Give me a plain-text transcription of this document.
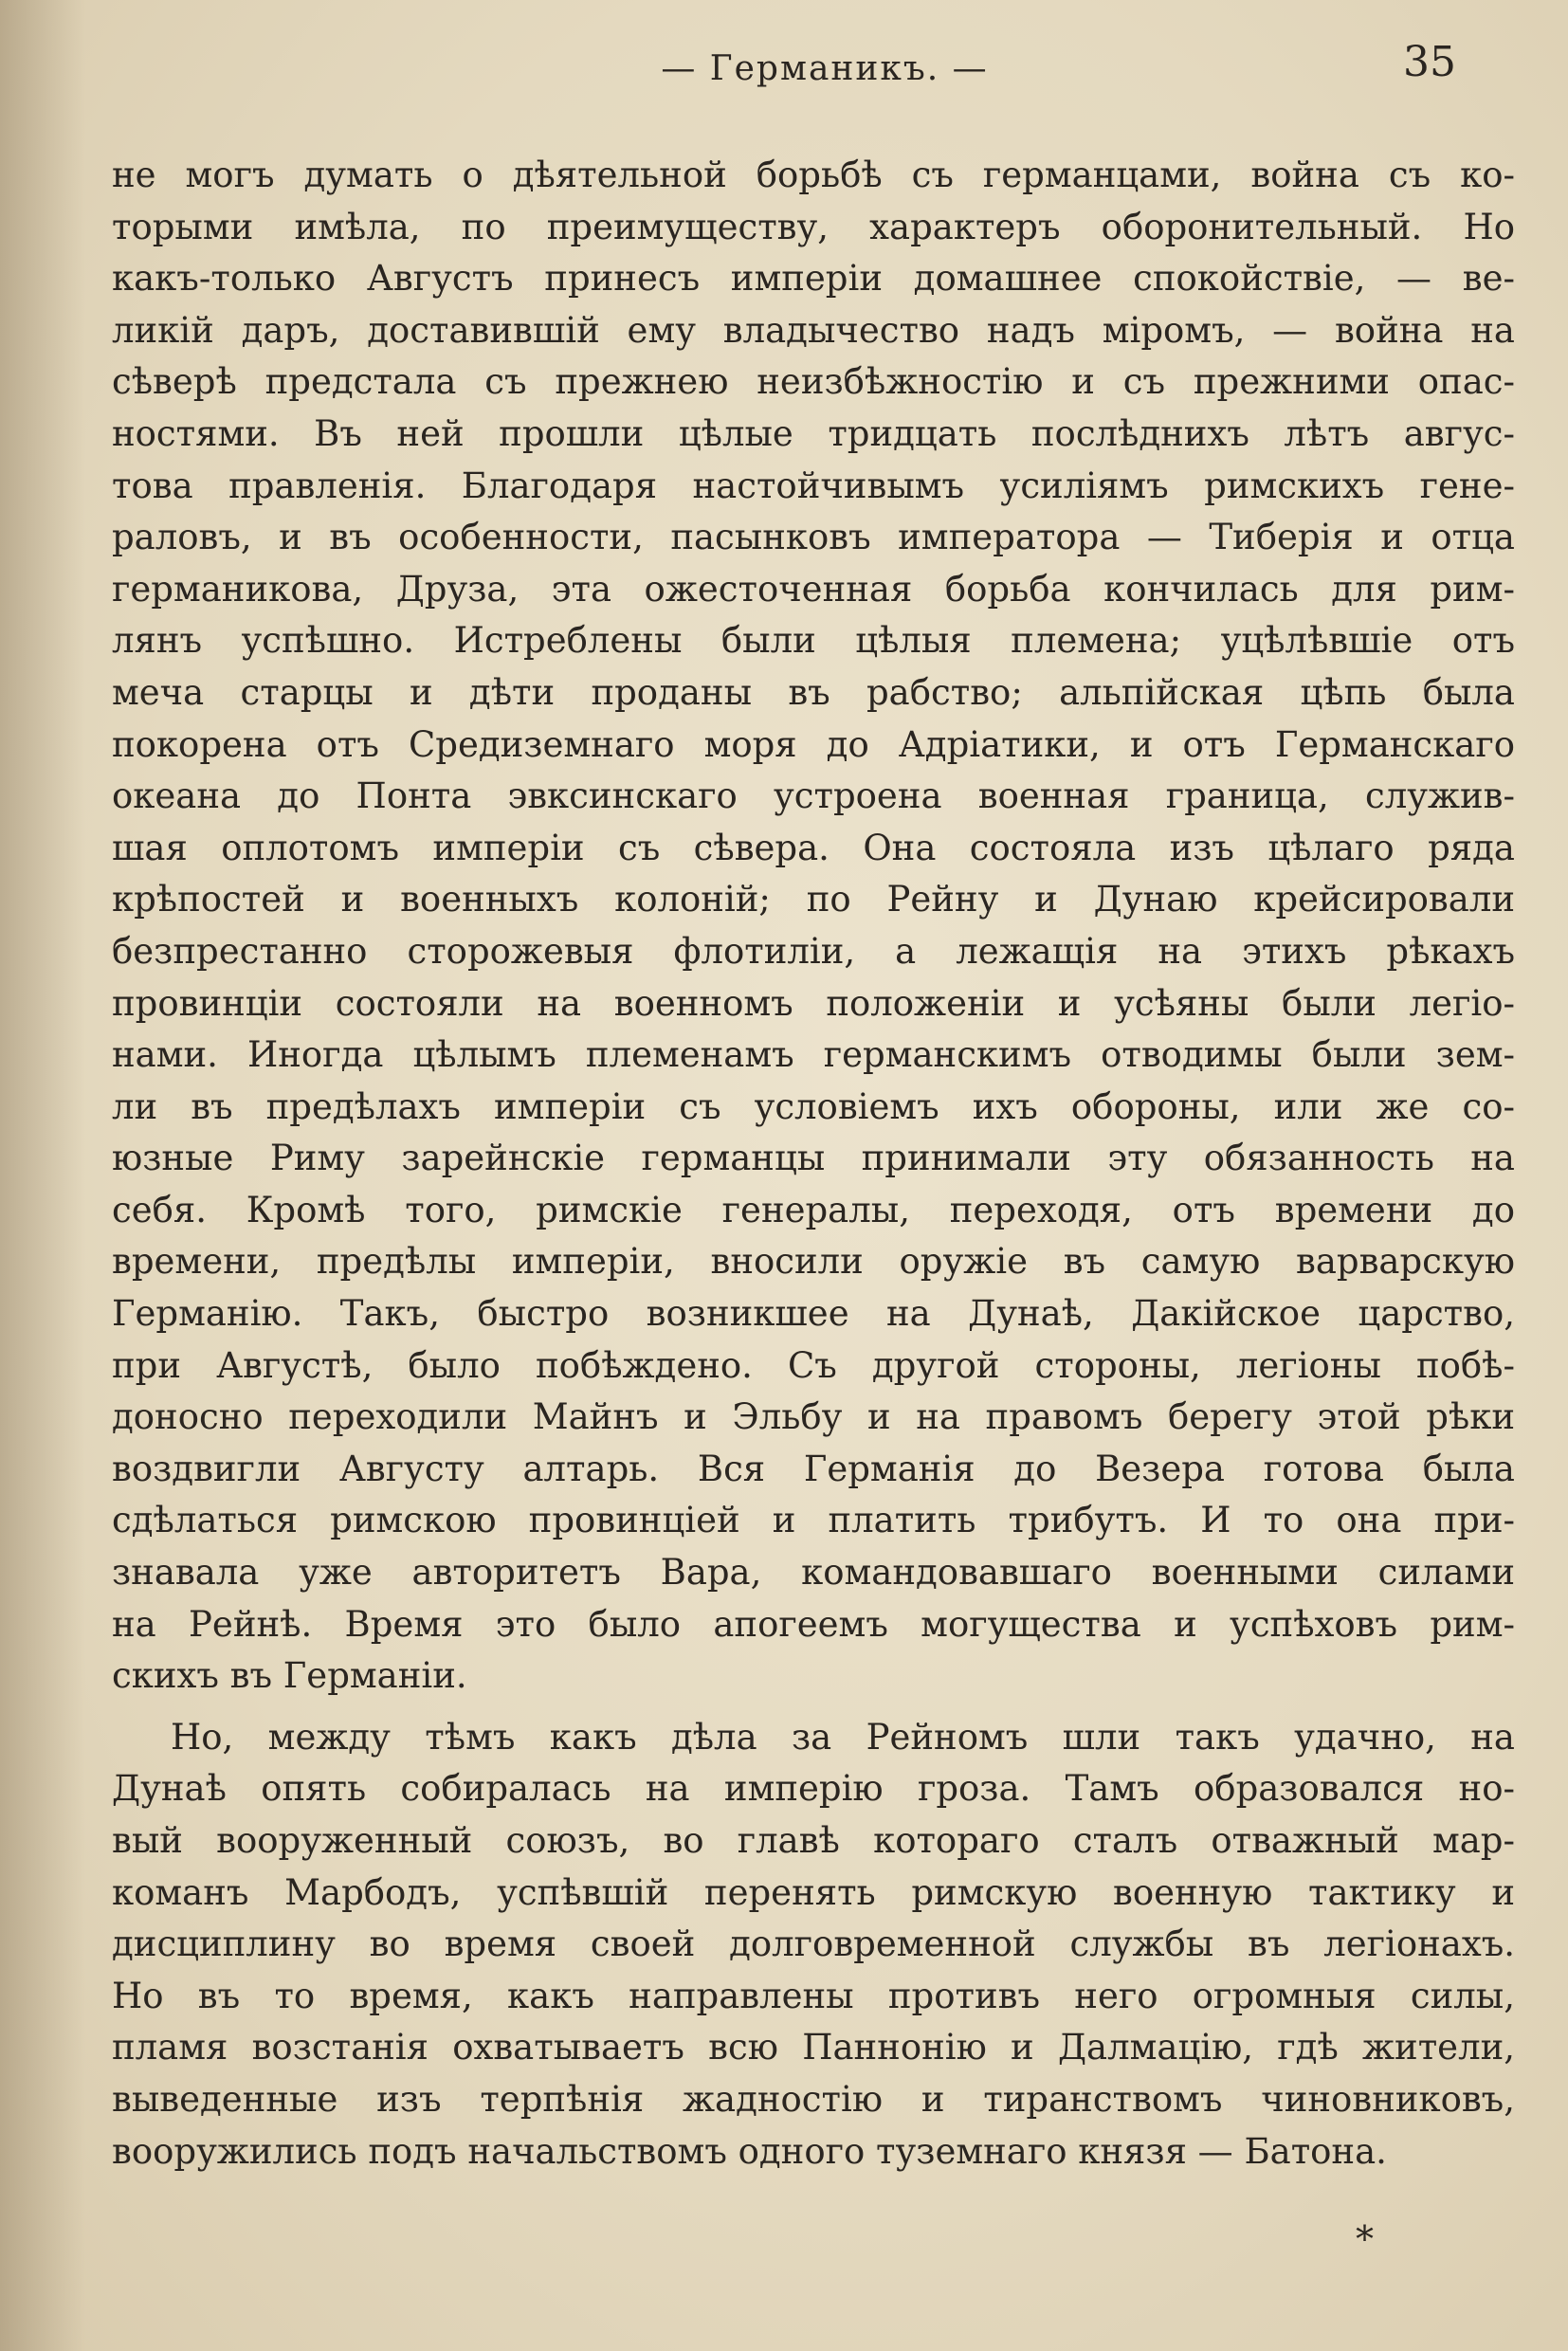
— Германикъ. —	35
не могъ думать о дѣятельной борьбѣ съ германцами, война съ ко-
торыми имѣла, по преимуществу, характеръ оборонительный. Но
какъ-только Августъ принесъ имперіи домашнее спокойствіе, — ве-
ликій даръ, доставившій ему владычество надъ міромъ, — война на
сѣверѣ предстала съ прежнею неизбѣжностію и съ прежними опас-
ностями. Въ ней прошли цѣлые тридцать послѣднихъ лѣтъ авгус-
това правленія. Благодаря настойчивымъ усиліямъ римскихъ гене-
раловъ, и въ особенности, пасынковъ императора — Тиберія и отца
германикова, Друза, эта ожесточенная борьба кончилась для рим-
лянъ успѣшно. Истреблены были цѣлыя племена; уцѣлѣвшіе отъ
меча старцы и дѣти проданы въ рабство; альпійская цѣпь была
покорена отъ Средиземнаго моря до Адріатики, и отъ Германскаго
океана до Понта эвксинскаго устроена военная граница, служив-
шая оплотомъ имперіи съ сѣвера. Она состояла изъ цѣлаго ряда
крѣпостей и военныхъ колоній; по Рейну и Дунаю крейсировали
безпрестанно сторожевыя флотиліи, а лежащія на этихъ рѣкахъ
провинціи состояли на военномъ положеніи и усѣяны были легіо-
нами. Иногда цѣлымъ племенамъ германскимъ отводимы были зем-
ли въ предѣлахъ имперіи съ условіемъ ихъ обороны, или же со-
юзные Риму зарейнскіе германцы принимали эту обязанность на
себя. Кромѣ того, римскіе генералы, переходя, отъ времени до
времени, предѣлы имперіи, вносили оружіе въ самую варварскую
Германію. Такъ, быстро возникшее на Дунаѣ, Дакійское царство,
при Августѣ, было побѣждено. Съ другой стороны, легіоны побѣ-
доносно переходили Майнъ и Эльбу и на правомъ берегу этой рѣки
воздвигли Августу алтарь. Вся Германія до Везера готова была
сдѣлаться римскою провинціей и платить трибутъ. И то она при-
знавала уже авторитетъ Вара, командовавшаго военными силами
на Рейнѣ. Время это было апогеемъ могущества и успѣховъ рим-
скихъ въ Германіи.
Но, между тѣмъ какъ дѣла за Рейномъ шли такъ удачно, на
Дунаѣ опять собиралась на имперію гроза. Тамъ образовался но-
вый вооруженный союзъ, во главѣ котораго сталъ отважный мар-
команъ Марбодъ, успѣвшій перенять римскую военную тактику и
дисциплину во время своей долговременной службы въ легіонахъ.
Но въ то время, какъ направлены противъ него огромныя силы,
пламя возстанія охватываетъ всю Паннонію и Далмацію, гдѣ жители,
выведенные изъ терпѣнія жадностію и тиранствомъ чиновниковъ,
вооружились подъ начальствомъ одного туземнаго князя — Батона.
*
